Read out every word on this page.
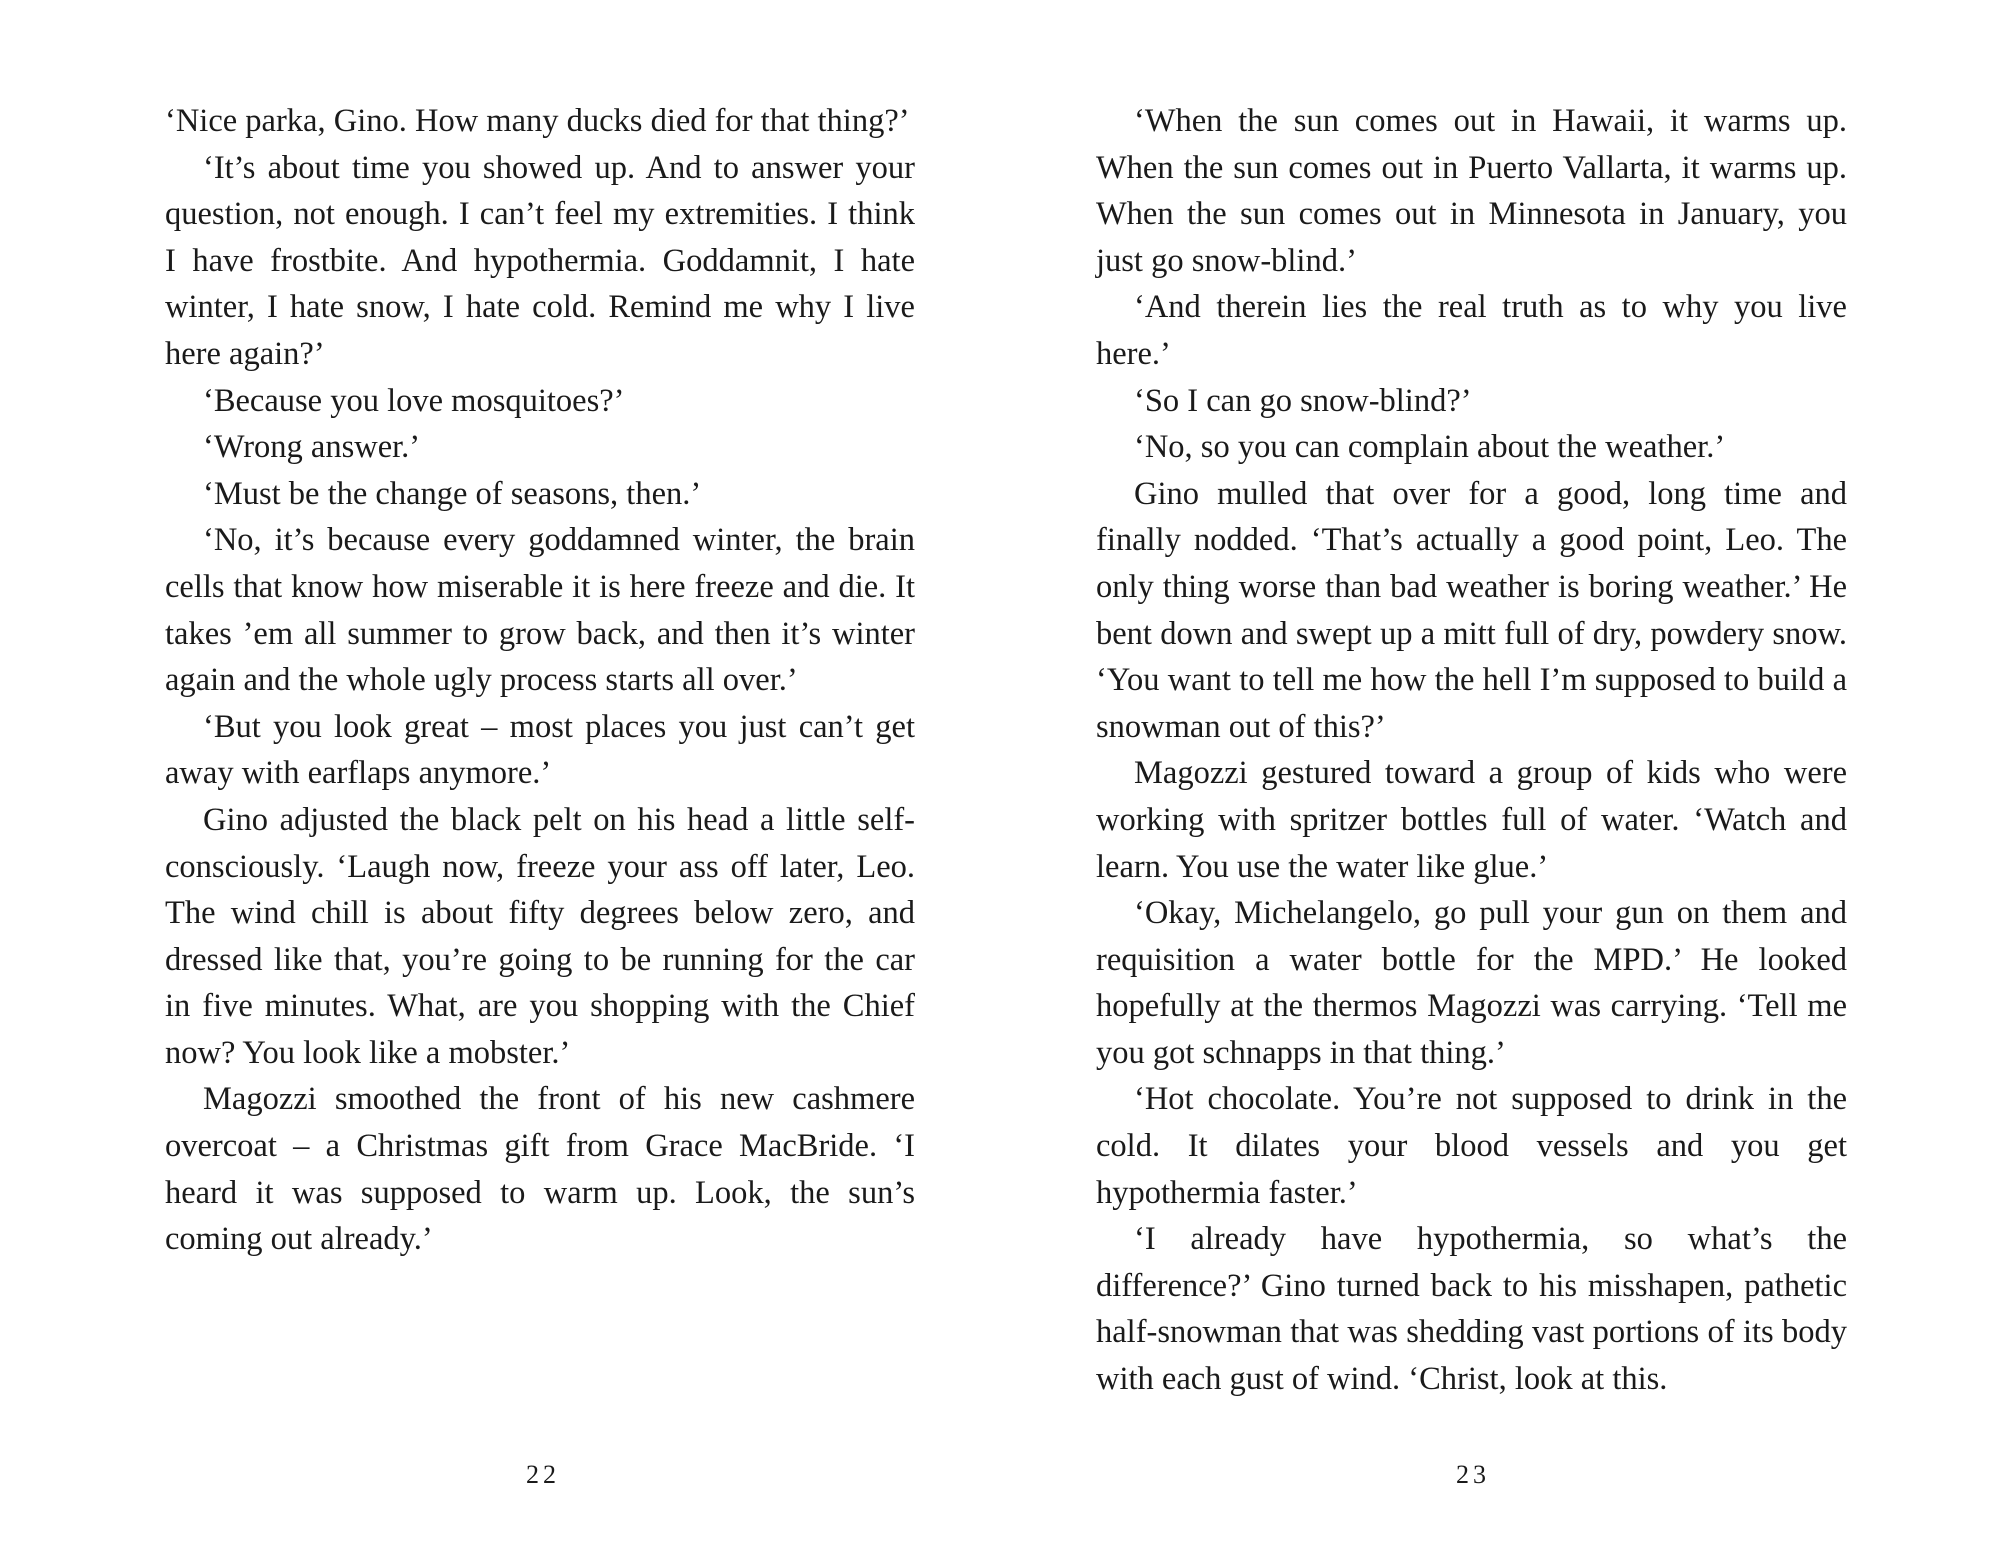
‘Nice parka, Gino. How many ducks died for that thing?’

‘It’s about time you showed up. And to answer your question, not enough. I can’t feel my extremities. I think I have frostbite. And hypothermia. Goddamnit, I hate winter, I hate snow, I hate cold. Remind me why I live here again?’

‘Because you love mosquitoes?’

‘Wrong answer.’

‘Must be the change of seasons, then.’

‘No, it’s because every goddamned winter, the brain cells that know how miserable it is here freeze and die. It takes ’em all summer to grow back, and then it’s winter again and the whole ugly process starts all over.’

‘But you look great – most places you just can’t get away with earflaps anymore.’

Gino adjusted the black pelt on his head a little self-consciously. ‘Laugh now, freeze your ass off later, Leo. The wind chill is about fifty degrees below zero, and dressed like that, you’re going to be running for the car in five minutes. What, are you shopping with the Chief now? You look like a mobster.’

Magozzi smoothed the front of his new cashmere overcoat – a Christmas gift from Grace MacBride. ‘I heard it was supposed to warm up. Look, the sun’s coming out already.’

22

‘When the sun comes out in Hawaii, it warms up. When the sun comes out in Puerto Vallarta, it warms up. When the sun comes out in Minnesota in January, you just go snow-blind.’

‘And therein lies the real truth as to why you live here.’

‘So I can go snow-blind?’

‘No, so you can complain about the weather.’

Gino mulled that over for a good, long time and finally nodded. ‘That’s actually a good point, Leo. The only thing worse than bad weather is boring weather.’ He bent down and swept up a mitt full of dry, powdery snow. ‘You want to tell me how the hell I’m supposed to build a snowman out of this?’

Magozzi gestured toward a group of kids who were working with spritzer bottles full of water. ‘Watch and learn. You use the water like glue.’

‘Okay, Michelangelo, go pull your gun on them and requisition a water bottle for the MPD.’ He looked hopefully at the thermos Magozzi was carrying. ‘Tell me you got schnapps in that thing.’

‘Hot chocolate. You’re not supposed to drink in the cold. It dilates your blood vessels and you get hypothermia faster.’

‘I already have hypothermia, so what’s the difference?’ Gino turned back to his misshapen, pathetic half-snowman that was shedding vast portions of its body with each gust of wind. ‘Christ, look at this.

23
